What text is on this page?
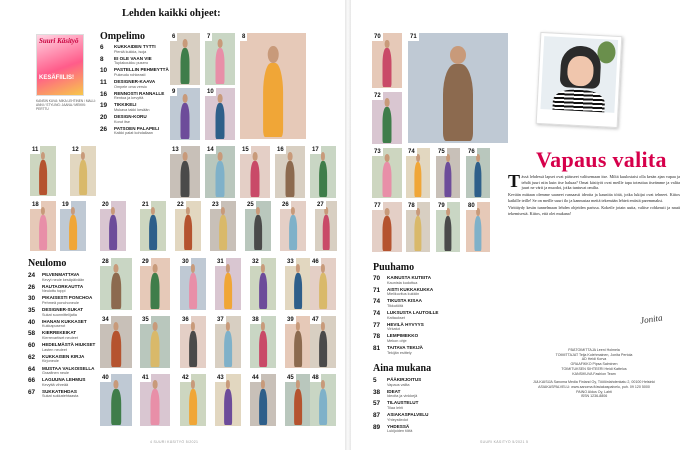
Lehden kaikki ohjeet:
Suuri Käsityö
KESÄFIILIS!
KANSIN KUVA: MIKA LEHTINEN / MALLI: ANNI / STYLING: JAANA / MEIKKI: PERTTU
Ompelimo
6	KUKKAIDEN TYTTI
Pieniä kukkia, isoja
8	EI OLE VAAN VIE
Tuplakoukku pusero
10	PASTELLIN PEHMEYTTÄ
Pukeudu rohkeasti
11	DESIGNER-KAAVA
Ompele oma versio
16	RENNOSTI RANNALLE
Rentoa ja kevyttä
19	TIKKIKELI
Mukava takki kesään
20	DESIGN-KORU
Korut itse
26	PATSOEN PALAPELI
Kaikki palat kohdallaan
Neulomo
24	PILVENMATTAVA
Kevyt neule kesäpäivään
26	RAUTAORKAUTTA
Neulottu toppi
30	PIKAISESTI PONCHOA
Pehmeä ponchoneule
35	DESIGNER-SUKAT
Sukat suunnittelijalta
40	IHANAN KUKKASET
Kukkapuserot
58	KIERREKEIKAT
Kierrevartiset neuleet
60	HEDELMÄSTÄ HIUKSET
Lasten neuleet
62	KUKKAISEN KIRJA
Kirjoneule
64	MUSTAA VALKOISELLA
Graafinen neule
66	LAGUUNA LEHMUS
Kevyttä vihreää
67	SUKKATEHDAS
Sukat sukkatehtaasta
Puuhamo
70	KAINUSTA KUTEITA
Kaunista kudottua
71	AISTI KUKKAKUKKA
Mielikuvitus kukkiin
74	TIKUSTA KISAA
Tikkutöitä
74	LUKSUSTA LAUTOILLE
Kattaukset
77	HEVILÄ HYVYYS
Virkatut
78	LEMPIMEKKO
Mekon ohje
81	TAITAVA TEKIJÄ
Tekijän esittely
Aina mukana
5	PÄÄKIRJOITUS
Vapaus valita
38	IDEAT
Ideoita ja vinkkejä
57	TILAUSTELUT
Tilaa lehti
87	ASIAKASPALVELU
Yhteystiedot
89	YHDESSÄ
Lukijoiden töitä
6	7	8
9	10
11	12	13	14	15	16	17
18	19	20	21	22	23	25	26	27
28	29	30	31	32	33
34	35	36	37	38	39
40	41	42	43	44	45
46
47
48
70	71
72
73	74	75	76
77	78	79	80
Vapaus valita

Tässä lehdessä lapset ovat päässeet valitsemaan itse. Miltä kuulostaisi olla kesän ajan vapaa ja tehdä juuri niin kuin itse haluaa? Omat käsityöt ovat meille tapa toteuttaa itseämme ja valita juuri ne värit ja muodot, jotka tuntuvat omilta.

Kevään mittaan olemme saaneet runsaasti ideoita ja kauniita töitä, jotka lukijat ovat tehneet. Kiitos kaikille teille! Se on meille suuri ilo ja kannustaa meitä tekemään lehteä entistä paremmaksi.

Virittäydy kesän tunnelmaan lehden ohjeiden parissa. Kokeile jotain uutta, valitse rohkeasti ja nauti tekemisestä. Kiitos, että olet mukana!

Jonita
PÄÄTOIMITTAJA Leeni Holmela
TOIMITTAJAT Teija Kolehmainen, Jonita Pertola
AD Heidi Korva
GRAAFIKKO Pipsa Salminen
TOIMITUKSEN SIHTEERI Heidi Kattelus
KANSIKUVA Fashion Team
JULKAISIJA Sanoma Media Finland Oy, Töölönlahdenkatu 2, 00100 Helsinki
ASIAKASPALVELU: www.sanoma.fi/asiakaspalvelu, puh. 09 120 5000
PAINO Aldus Oy, Lahti
ISSN 1236-8806
4 SUURI KÄSITYÖ 5/2021	SUURI KÄSITYÖ 5/2021 5
